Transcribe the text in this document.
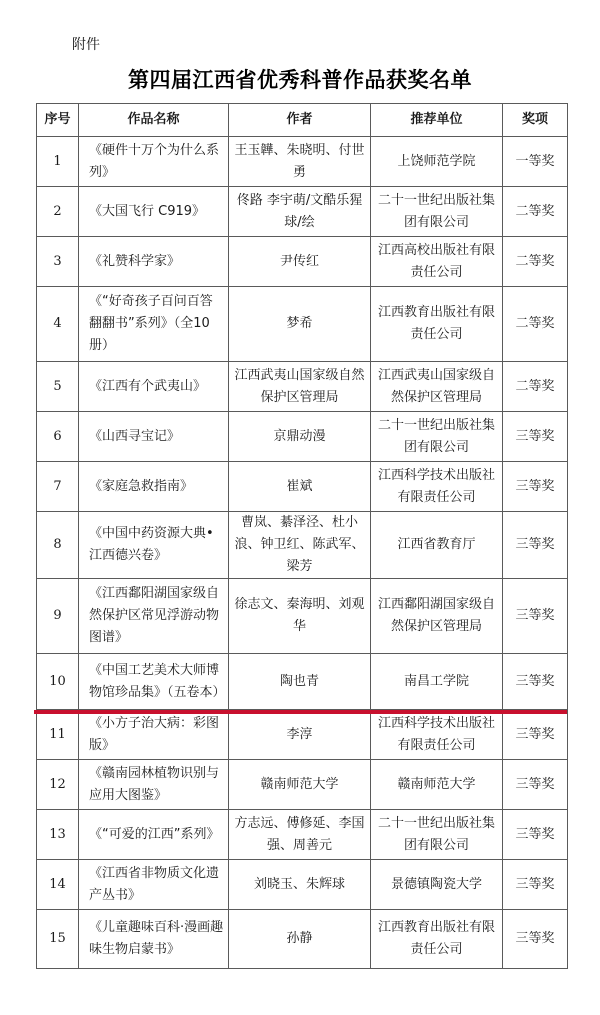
附件
第四届江西省优秀科普作品获奖名单
序号	作品名称	作者	推荐单位	奖项
1	《硬件十万个为什么系列》	王玉韡、朱晓明、付世勇	上饶师范学院	一等奖
2	《大国飞行 C919》	佟路 李宇萌/文酷乐猩球/绘	二十一世纪出版社集团有限公司	二等奖
3	《礼赞科学家》	尹传红	江西高校出版社有限责任公司	二等奖
4	《“好奇孩子百问百答翻翻书”系列》（全10册）	梦希	江西教育出版社有限责任公司	二等奖
5	《江西有个武夷山》	江西武夷山国家级自然保护区管理局	江西武夷山国家级自然保护区管理局	二等奖
6	《山西寻宝记》	京鼎动漫	二十一世纪出版社集团有限公司	三等奖
7	《家庭急救指南》	崔斌	江西科学技术出版社有限责任公司	三等奖
8	《中国中药资源大典•江西德兴卷》	曹岚、綦泽泾、杜小浪、钟卫红、陈武军、梁芳	江西省教育厅	三等奖
9	《江西鄱阳湖国家级自然保护区常见浮游动物图谱》	徐志文、秦海明、刘观华	江西鄱阳湖国家级自然保护区管理局	三等奖
10	《中国工艺美术大师博物馆珍品集》（五卷本）	陶也青	南昌工学院	三等奖
11	《小方子治大病：彩图版》	李淳	江西科学技术出版社有限责任公司	三等奖
12	《赣南园林植物识别与应用大图鉴》	赣南师范大学	赣南师范大学	三等奖
13	《“可爱的江西”系列》	方志远、傅修延、李国强、周善元	二十一世纪出版社集团有限公司	三等奖
14	《江西省非物质文化遗产丛书》	刘晓玉、朱辉球	景德镇陶瓷大学	三等奖
15	《儿童趣味百科·漫画趣味生物启蒙书》	孙静	江西教育出版社有限责任公司	三等奖
